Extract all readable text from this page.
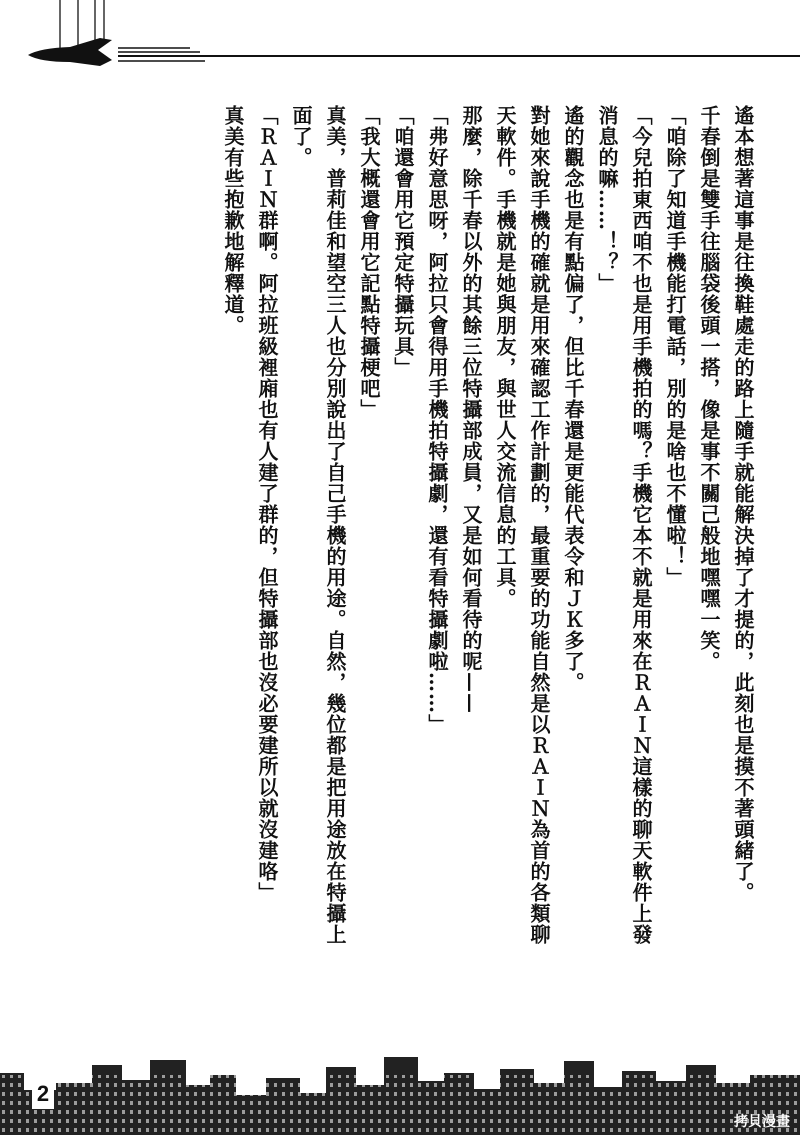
遙本想著這事是往換鞋處走的路上隨手就能解決掉了才提的，此刻也是摸不著頭緒了。

千春倒是雙手往腦袋後頭一搭，像是事不關己般地嘿嘿一笑。

「咱除了知道手機能打電話，別的是啥也不懂啦！」

「今兒拍東西咱不也是用手機拍的嗎？手機它本不就是用來在ＲＡＩＮ這樣的聊天軟件上發消息的嘛……！？」

遙的觀念也是有點偏了，但比千春還是更能代表令和ＪＫ多了。

對她來說手機的確就是用來確認工作計劃的，最重要的功能自然是以ＲＡＩＮ為首的各類聊天軟件。手機就是她與朋友，與世人交流信息的工具。

那麼，除千春以外的其餘三位特攝部成員，又是如何看待的呢——

「弗好意思呀，阿拉只會得用手機拍特攝劇，還有看特攝劇啦……」

「咱還會用它預定特攝玩具」

「我大概還會用它記點特攝梗吧」

真美，普莉佳和望空三人也分別說出了自己手機的用途。自然，幾位都是把用途放在特攝上面了。

「ＲＡＩＮ群啊。阿拉班級裡廂也有人建了群的，但特攝部也沒必要建所以就沒建咯」

真美有些抱歉地解釋道。

2
拷貝漫畫
